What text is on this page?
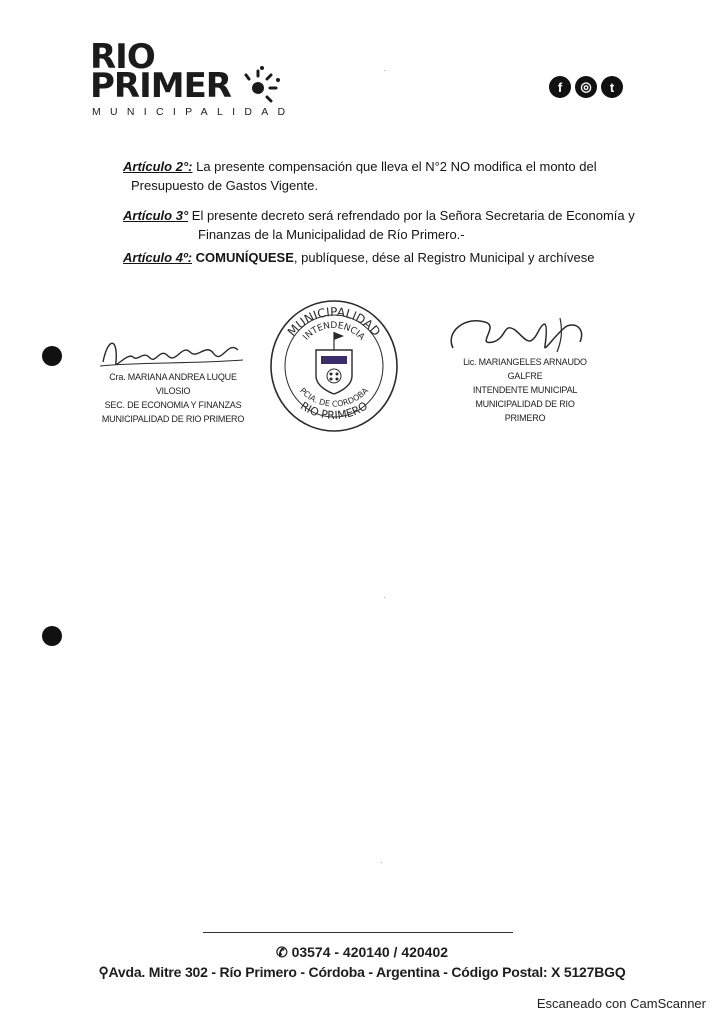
RIO
PRIMER
MUNICIPALIDAD
f ◎ t
·
Artículo 2°: La presente compensación que lleva el N°2 NO modifica el monto del
Presupuesto de Gastos Vigente.
Artículo 3° El presente decreto será refrendado por la Señora Secretaria de Economía y
Finanzas de la Municipalidad de Río Primero.-
Artículo 4º: COMUNÍQUESE, publíquese, dése al Registro Municipal y archívese
Cra. MARIANA ANDREA LUQUE VILOSIO
SEC. DE ECONOMIA Y FINANZAS
MUNICIPALIDAD DE RIO PRIMERO
MUNICIPALIDAD
INTENDENCIA
PCIA. DE CORDOBA
RIO PRIMERO
Lic. MARIANGELES ARNAUDO GALFRE
INTENDENTE MUNICIPAL
MUNICIPALIDAD DE RIO PRIMERO
·
·
✆ 03574 - 420140 / 420402
⚲Avda. Mitre 302 - Río Primero - Córdoba - Argentina - Código Postal: X 5127BGQ
Escaneado con CamScanner
